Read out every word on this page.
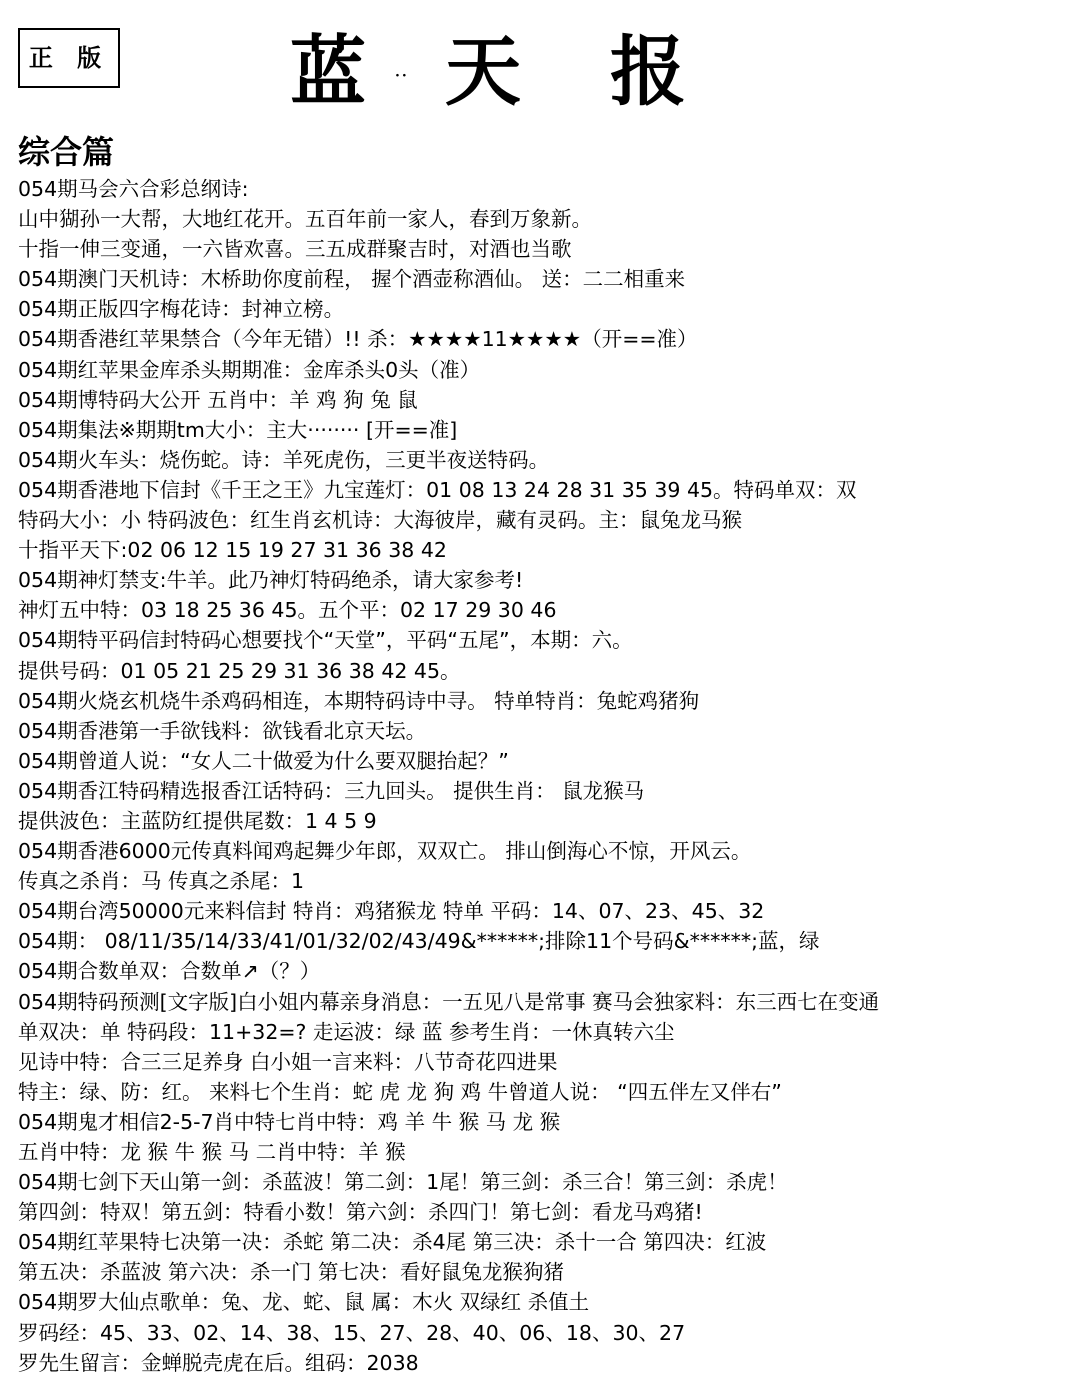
正 版 蓝 ·· 天 报
综合篇
054期马会六合彩总纲诗:
山中猢孙一大帮，大地红花开。五百年前一家人，春到万象新。
十指一伸三变通，一六皆欢喜。三五成群聚吉时，对酒也当歌
054期澳门天机诗：木桥助你度前程， 握个酒壶称酒仙。 送：二二相重来
054期正版四字梅花诗：封神立榜。
054期香港红苹果禁合（今年无错）!! 杀：★★★★11★★★★（开==准）
054期红苹果金库杀头期期准：金库杀头0头（准）
054期博特码大公开 五肖中：羊 鸡 狗 兔 鼠
054期集法※期期tm大小：主大········ [开==准]
054期火车头：烧伤蛇。诗：羊死虎伤，三更半夜送特码。
054期香港地下信封《千王之王》九宝莲灯：01 08 13 24 28 31 35 39 45。特码单双：双
特码大小：小 特码波色：红生肖玄机诗：大海彼岸，藏有灵码。主：鼠兔龙马猴
十指平天下:02 06 12 15 19 27 31 36 38 42
054期神灯禁支:牛羊。此乃神灯特码绝杀，请大家参考!
神灯五中特：03 18 25 36 45。五个平：02 17 29 30 46
054期特平码信封特码心想要找个“天堂”，平码“五尾”，本期：六。
提供号码：01 05 21 25 29 31 36 38 42 45。
054期火烧玄机烧牛杀鸡码相连，本期特码诗中寻。 特单特肖：兔蛇鸡猪狗
054期香港第一手欲钱料：欲钱看北京天坛。
054期曾道人说：“女人二十做爱为什么要双腿抬起？”
054期香江特码精选报香江话特码：三九回头。 提供生肖： 鼠龙猴马
提供波色：主蓝防红提供尾数：1 4 5 9
054期香港6000元传真料闻鸡起舞少年郎，双双亡。 排山倒海心不惊，开风云。
传真之杀肖：马 传真之杀尾：1
054期台湾50000元来料信封 特肖：鸡猪猴龙 特单 平码：14、07、23、45、32
054期： 08/11/35/14/33/41/01/32/02/43/49&******;排除11个号码&******;蓝，绿
054期合数单双：合数单↗（？）
054期特码预测[文字版]白小姐内幕亲身消息：一五见八是常事 赛马会独家料：东三西七在变通
单双决：单 特码段：11+32=? 走运波：绿 蓝 参考生肖：一休真转六尘
见诗中特：合三三足养身 白小姐一言来料：八节奇花四进果
特主：绿、防：红。 来料七个生肖：蛇 虎 龙 狗 鸡 牛曾道人说： “四五伴左又伴右”
054期鬼才相信2-5-7肖中特七肖中特：鸡 羊 牛 猴 马 龙 猴
五肖中特：龙 猴 牛 猴 马 二肖中特：羊 猴
054期七剑下天山第一剑：杀蓝波！第二剑：1尾！第三剑：杀三合！第三剑：杀虎！
第四剑：特双！第五剑：特看小数！第六剑：杀四门！第七剑：看龙马鸡猪!
054期红苹果特七决第一决：杀蛇 第二决：杀4尾 第三决：杀十一合 第四决：红波
第五决：杀蓝波 第六决：杀一门 第七决：看好鼠兔龙猴狗猪
054期罗大仙点歌单：兔、龙、蛇、鼠 属：木火 双绿红 杀值土
罗码经：45、33、02、14、38、15、27、28、40、06、18、30、27
罗先生留言：金蝉脱壳虎在后。组码：2038
